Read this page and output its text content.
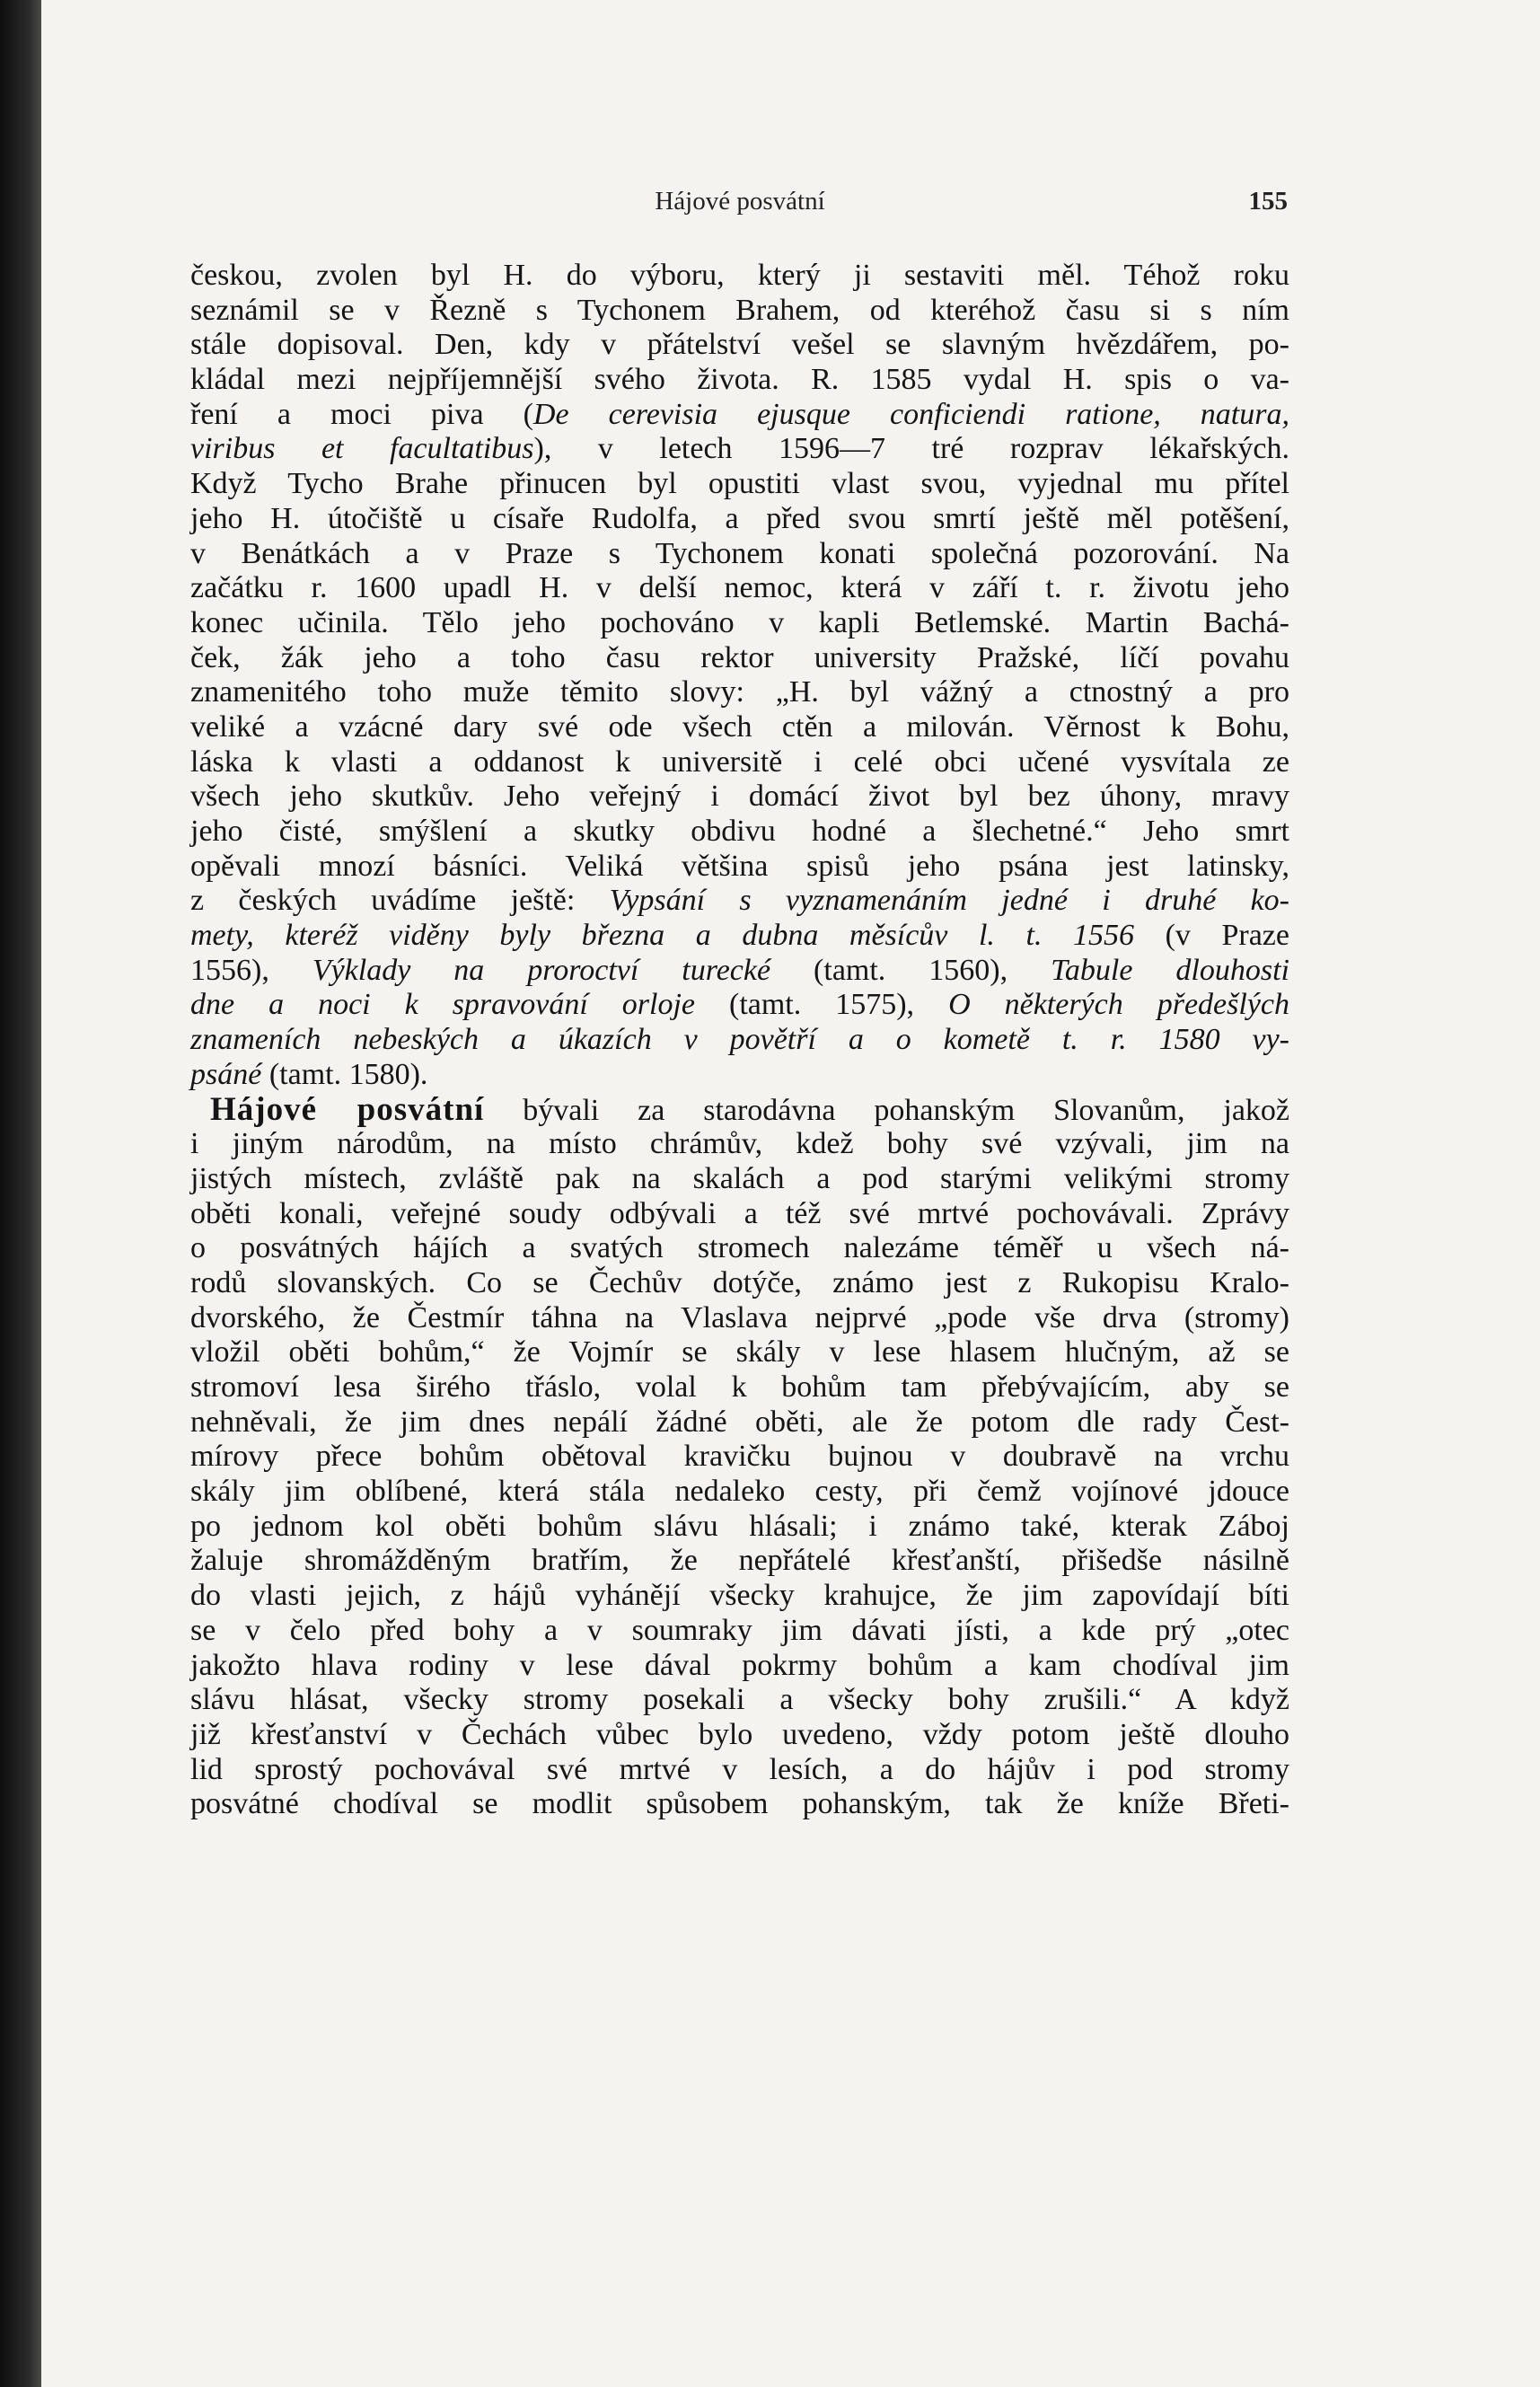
Hájové posvátní	155
českou, zvolen byl H. do výboru, který ji sestaviti měl. Téhož roku
seznámil se v Řezně s Tychonem Brahem, od kteréhož času si s ním
stále dopisoval. Den, kdy v přátelství vešel se slavným hvězdářem, po-
kládal mezi nejpříjemnější svého života. R. 1585 vydal H. spis o va-
ření a moci piva (De cerevisia ejusque conficiendi ratione, natura,
viribus et facultatibus), v letech 1596—7 tré rozprav lékařských.
Když Tycho Brahe přinucen byl opustiti vlast svou, vyjednal mu přítel
jeho H. útočiště u císaře Rudolfa, a před svou smrtí ještě měl potěšení,
v Benátkách a v Praze s Tychonem konati společná pozorování. Na
začátku r. 1600 upadl H. v delší nemoc, která v září t. r. životu jeho
konec učinila. Tělo jeho pochováno v kapli Betlemské. Martin Bachá-
ček, žák jeho a toho času rektor university Pražské, líčí povahu
znamenitého toho muže těmito slovy: „H. byl vážný a ctnostný a pro
veliké a vzácné dary své ode všech ctěn a milován. Věrnost k Bohu,
láska k vlasti a oddanost k universitě i celé obci učené vysvítala ze
všech jeho skutkův. Jeho veřejný i domácí život byl bez úhony, mravy
jeho čisté, smýšlení a skutky obdivu hodné a šlechetné.“ Jeho smrt
opěvali mnozí básníci. Veliká většina spisů jeho psána jest latinsky,
z českých uvádíme ještě: Vypsání s vyznamenáním jedné i druhé ko-
mety, kteréž viděny byly března a dubna měsícův l. t. 1556 (v Praze
1556), Výklady na proroctví turecké (tamt. 1560), Tabule dlouhosti
dne a noci k spravování orloje (tamt. 1575), O některých předešlých
znameních nebeských a úkazích v povětří a o kometě t. r. 1580 vy-
psáné (tamt. 1580).
Hájové posvátní bývali za starodávna pohanským Slovanům, jakož
i jiným národům, na místo chrámův, kdež bohy své vzývali, jim na
jistých místech, zvláště pak na skalách a pod starými velikými stromy
oběti konali, veřejné soudy odbývali a též své mrtvé pochovávali. Zprávy
o posvátných hájích a svatých stromech nalezáme téměř u všech ná-
rodů slovanských. Co se Čechův dotýče, známo jest z Rukopisu Kralo-
dvorského, že Čestmír táhna na Vlaslava nejprvé „pode vše drva (stromy)
vložil oběti bohům,“ že Vojmír se skály v lese hlasem hlučným, až se
stromoví lesa širého třáslo, volal k bohům tam přebývajícím, aby se
nehněvali, že jim dnes nepálí žádné oběti, ale že potom dle rady Čest-
mírovy přece bohům obětoval kravičku bujnou v doubravě na vrchu
skály jim oblíbené, která stála nedaleko cesty, při čemž vojínové jdouce
po jednom kol oběti bohům slávu hlásali; i známo také, kterak Záboj
žaluje shromážděným bratřím, že nepřátelé křesťanští, přišedše násilně
do vlasti jejich, z hájů vyhánějí všecky krahujce, že jim zapovídají bíti
se v čelo před bohy a v soumraky jim dávati jísti, a kde prý „otec
jakožto hlava rodiny v lese dával pokrmy bohům a kam chodíval jim
slávu hlásat, všecky stromy posekali a všecky bohy zrušili.“ A když
již křesťanství v Čechách vůbec bylo uvedeno, vždy potom ještě dlouho
lid sprostý pochovával své mrtvé v lesích, a do hájův i pod stromy
posvátné chodíval se modlit spůsobem pohanským, tak že kníže Břeti-
